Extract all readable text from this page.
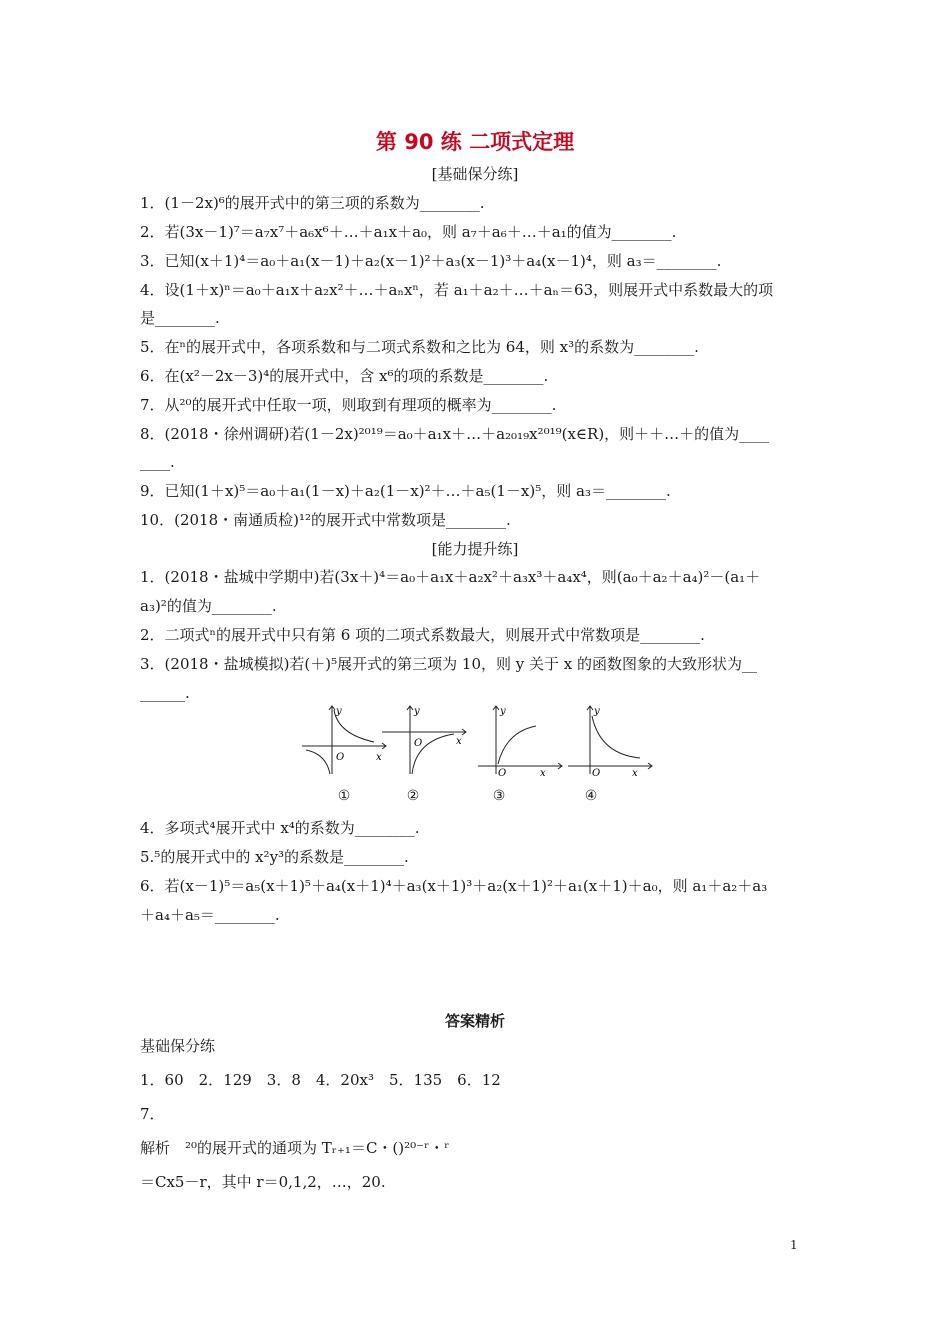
第 90 练 二项式定理
[基础保分练]
1．(1－2x)⁶的展开式中的第三项的系数为________.
2．若(3x－1)⁷＝a₇x⁷＋a₆x⁶＋…＋a₁x＋a₀，则 a₇＋a₆＋…＋a₁的值为________.
3．已知(x＋1)⁴＝a₀＋a₁(x－1)＋a₂(x－1)²＋a₃(x－1)³＋a₄(x－1)⁴，则 a₃＝________.
4．设(1＋x)ⁿ＝a₀＋a₁x＋a₂x²＋…＋aₙxⁿ，若 a₁＋a₂＋…＋aₙ＝63，则展开式中系数最大的项
是________.
5．在ⁿ的展开式中，各项系数和与二项式系数和之比为 64，则 x³的系数为________.
6．在(x²－2x－3)⁴的展开式中，含 x⁶的项的系数是________.
7．从²⁰的展开式中任取一项，则取到有理项的概率为________.
8．(2018・徐州调研)若(1－2x)²⁰¹⁹＝a₀＋a₁x＋…＋a₂₀₁₉x²⁰¹⁹(x∈R)，则＋＋…＋的值为____
____.
9．已知(1＋x)⁵＝a₀＋a₁(1－x)＋a₂(1－x)²＋…＋a₅(1－x)⁵，则 a₃＝________.
10．(2018・南通质检)¹²的展开式中常数项是________.
[能力提升练]
1．(2018・盐城中学期中)若(3x＋)⁴＝a₀＋a₁x＋a₂x²＋a₃x³＋a₄x⁴，则(a₀＋a₂＋a₄)²－(a₁＋
a₃)²的值为________.
2．二项式ⁿ的展开式中只有第 6 项的二项式系数最大，则展开式中常数项是________.
3．(2018・盐城模拟)若(＋)⁵展开式的第三项为 10，则 y 关于 x 的函数图象的大致形状为__
______.
y
O	x
①
y
O	x
②
y
O	x
③
y
O	x
④
4．多项式⁴展开式中 x⁴的系数为________.
5.⁵的展开式中的 x²y³的系数是________.
6．若(x－1)⁵＝a₅(x＋1)⁵＋a₄(x＋1)⁴＋a₃(x＋1)³＋a₂(x＋1)²＋a₁(x＋1)＋a₀，则 a₁＋a₂＋a₃
＋a₄＋a₅＝________.
答案精析
基础保分练
1．60　2．129　3．8　4．20x³　5．135　6．12
7．
解析　²⁰的展开式的通项为 Tᵣ₊₁＝C・()²⁰⁻ʳ・ʳ
＝Cx5－r，其中 r＝0,1,2，…，20.
1
